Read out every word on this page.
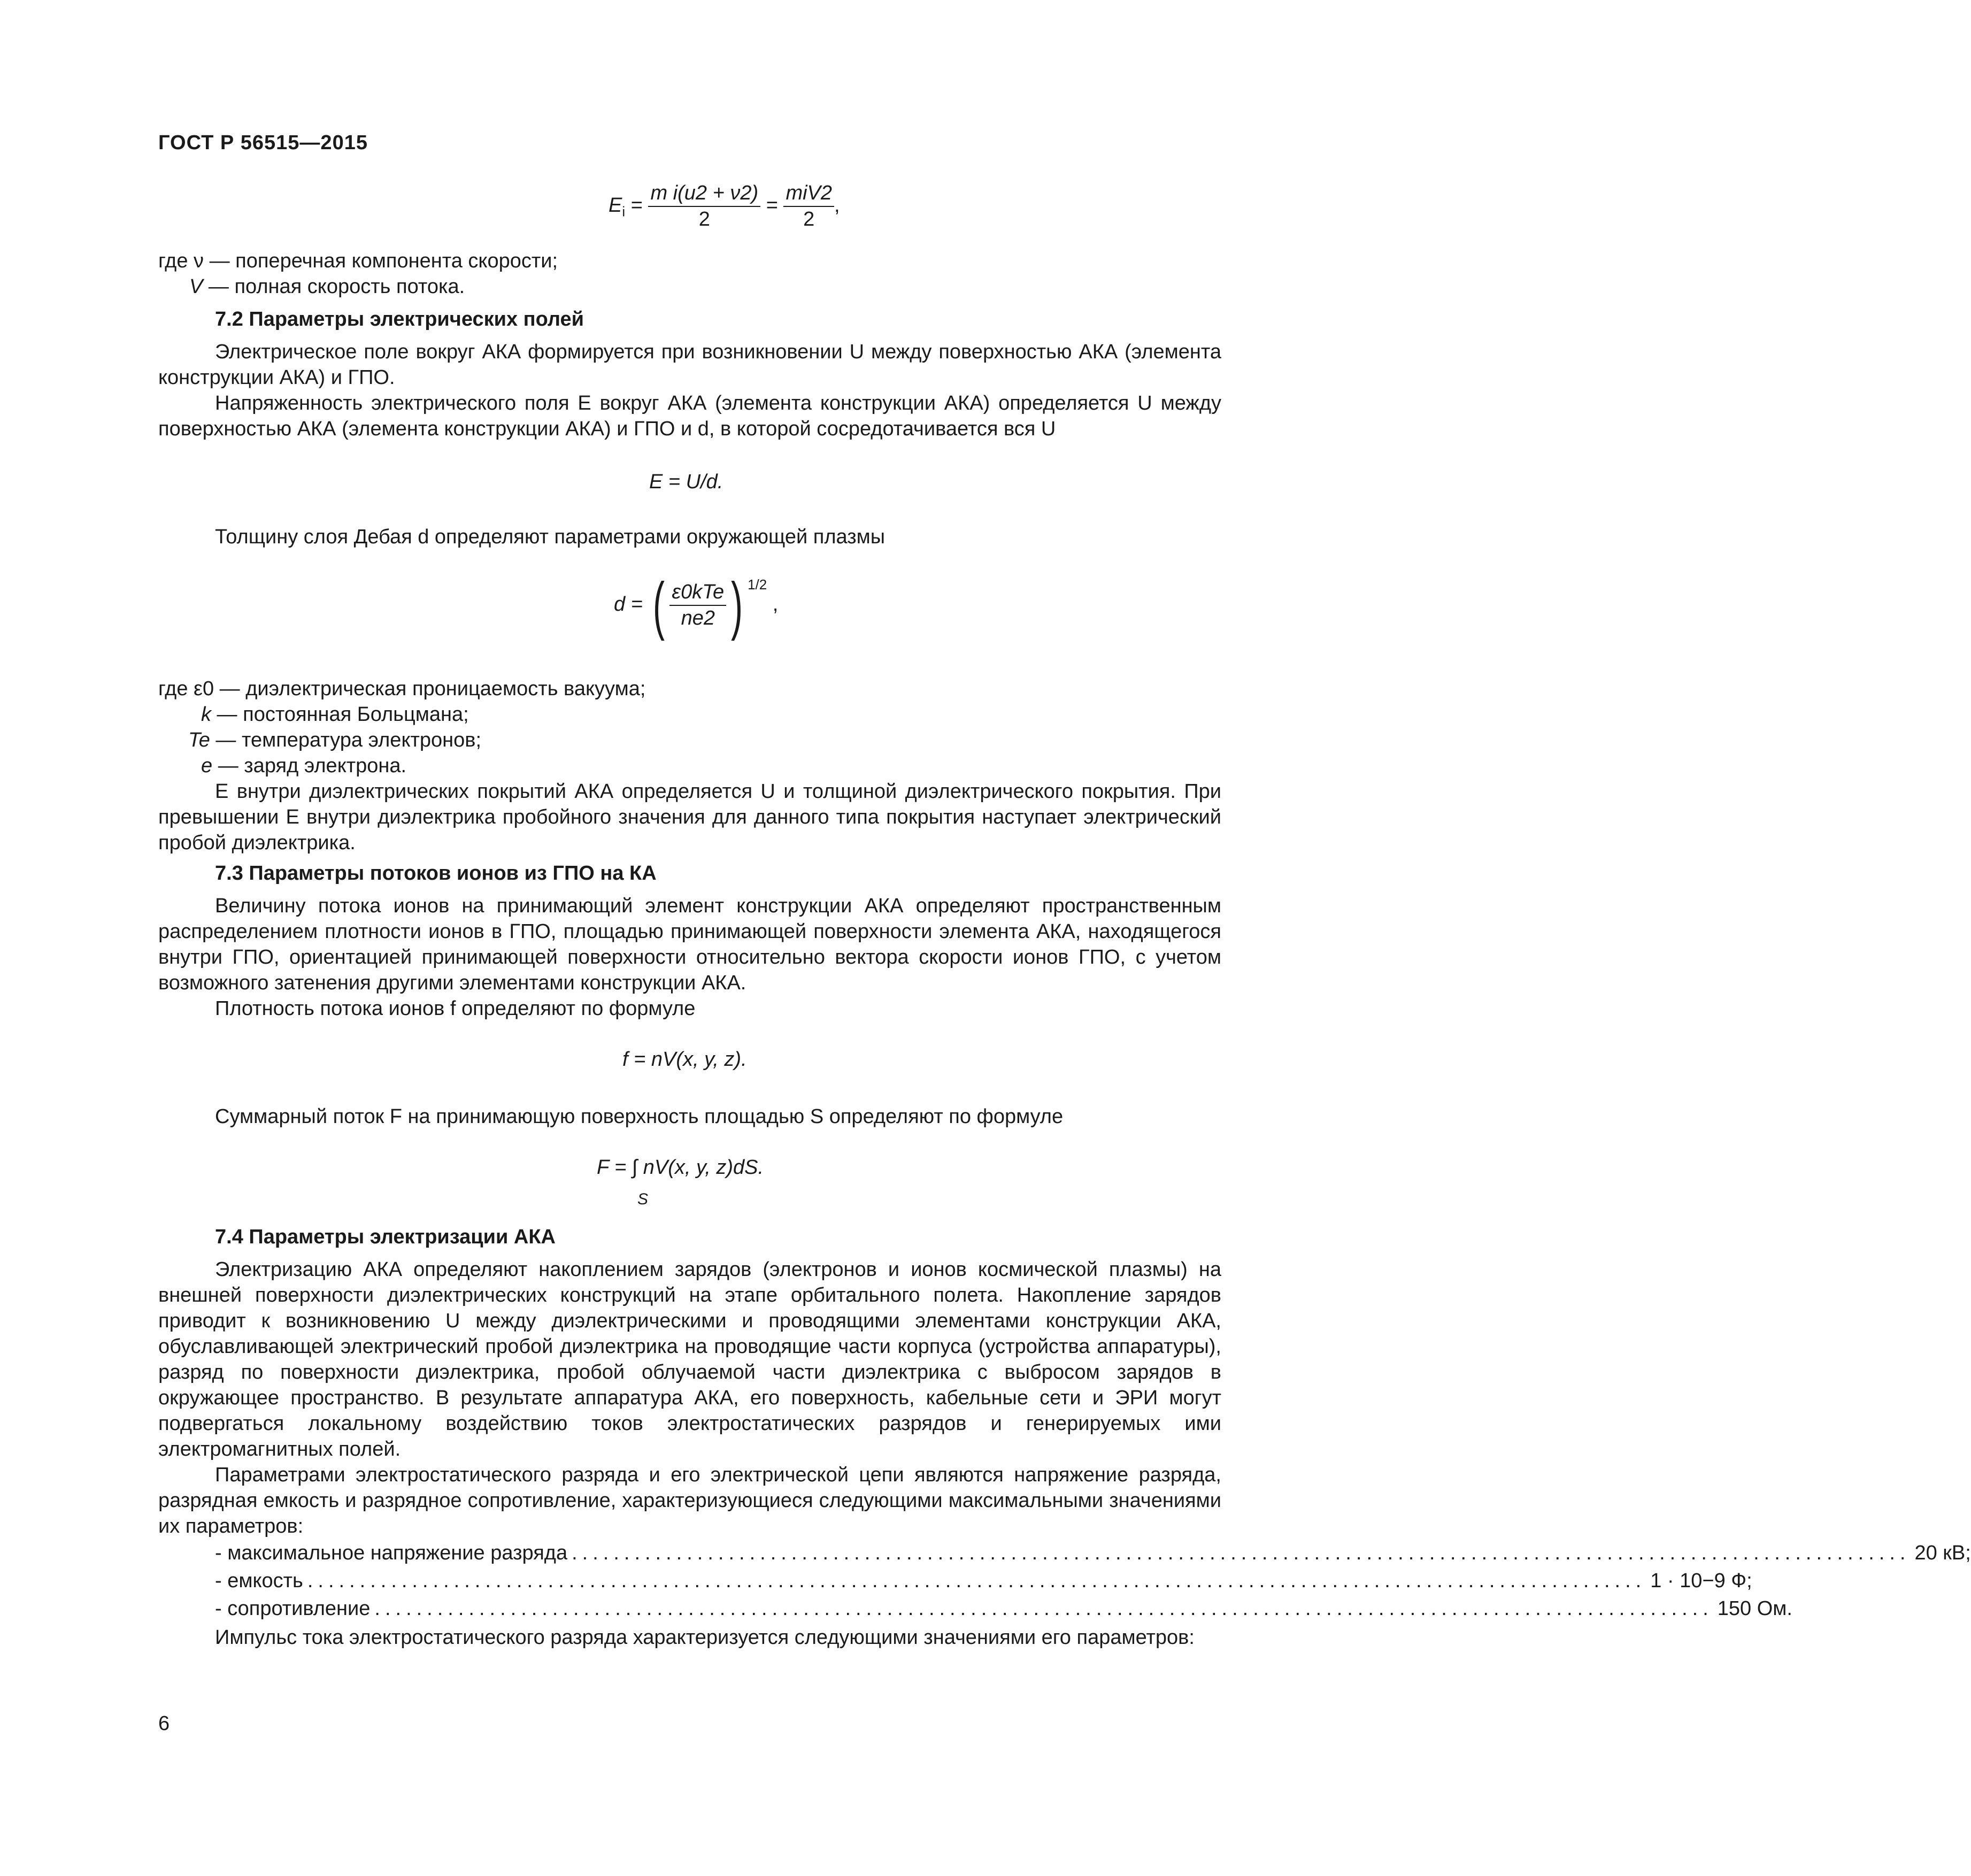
ГОСТ Р 56515—2015
$E_i = \frac{\text{m i(u2 + ν2)}}{2} = \frac{\text{miV2}}{2}$ ,
где ν — поперечная компонента скорости;
V — полная скорость потока.
7.2 Параметры электрических полей
Электрическое поле вокруг АКА формируется при возникновении U между поверхностью АКА (элемента конструкции АКА) и ГПО.
Напряженность электрического поля E вокруг АКА (элемента конструкции АКА) определяется U между поверхностью АКА (элемента конструкции АКА) и ГПО и d, в которой сосредотачивается вся U
E = U/d.
Толщину слоя Дебая d определяют параметрами окружающей плазмы
d = ( $\frac{\text{ε0kTe}}{ne2}$ ) $^{1/2}$ ,
где ε0 — диэлектрическая проницаемость вакуума;
k — постоянная Больцмана;
Te — температура электронов;
e — заряд электрона.
E внутри диэлектрических покрытий АКА определяется U и толщиной диэлектрического покрытия. При превышении E внутри диэлектрика пробойного значения для данного типа покрытия наступает электрический пробой диэлектрика.
7.3 Параметры потоков ионов из ГПО на КА
Величину потока ионов на принимающий элемент конструкции АКА определяют пространственным распределением плотности ионов в ГПО, площадью принимающей поверхности элемента АКА, находящегося внутри ГПО, ориентацией принимающей поверхности относительно вектора скорости ионов ГПО, с учетом возможного затенения другими элементами конструкции АКА.
Плотность потока ионов f определяют по формуле
f = nV(x, y, z).
Суммарный поток F на принимающую поверхность площадью S определяют по формуле
F = ∫ nV(x, y, z)dS.
S
7.4 Параметры электризации АКА
Электризацию АКА определяют накоплением зарядов (электронов и ионов космической плазмы) на внешней поверхности диэлектрических конструкций на этапе орбитального полета. Накопление зарядов приводит к возникновению U между диэлектрическими и проводящими элементами конструкции АКА, обуславливающей электрический пробой диэлектрика на проводящие части корпуса (устройства аппаратуры), разряд по поверхности диэлектрика, пробой облучаемой части диэлектрика с выбросом зарядов в окружающее пространство. В результате аппаратура АКА, его поверхность, кабельные сети и ЭРИ могут подвергаться локальному воздействию токов электростатических разрядов и генерируемых ими электромагнитных полей.
Параметрами электростатического разряда и его электрической цепи являются напряжение разряда, разрядная емкость и разрядное сопротивление, характеризующиеся следующими максимальными значениями их параметров:
- максимальное напряжение разряда ................................................................................................................................ 20 кВ;
- емкость ................................................................................................................................ 1 · 10−9 Ф;
- сопротивление ................................................................................................................................ 150 Ом.
Импульс тока электростатического разряда характеризуется следующими значениями его параметров:
6
